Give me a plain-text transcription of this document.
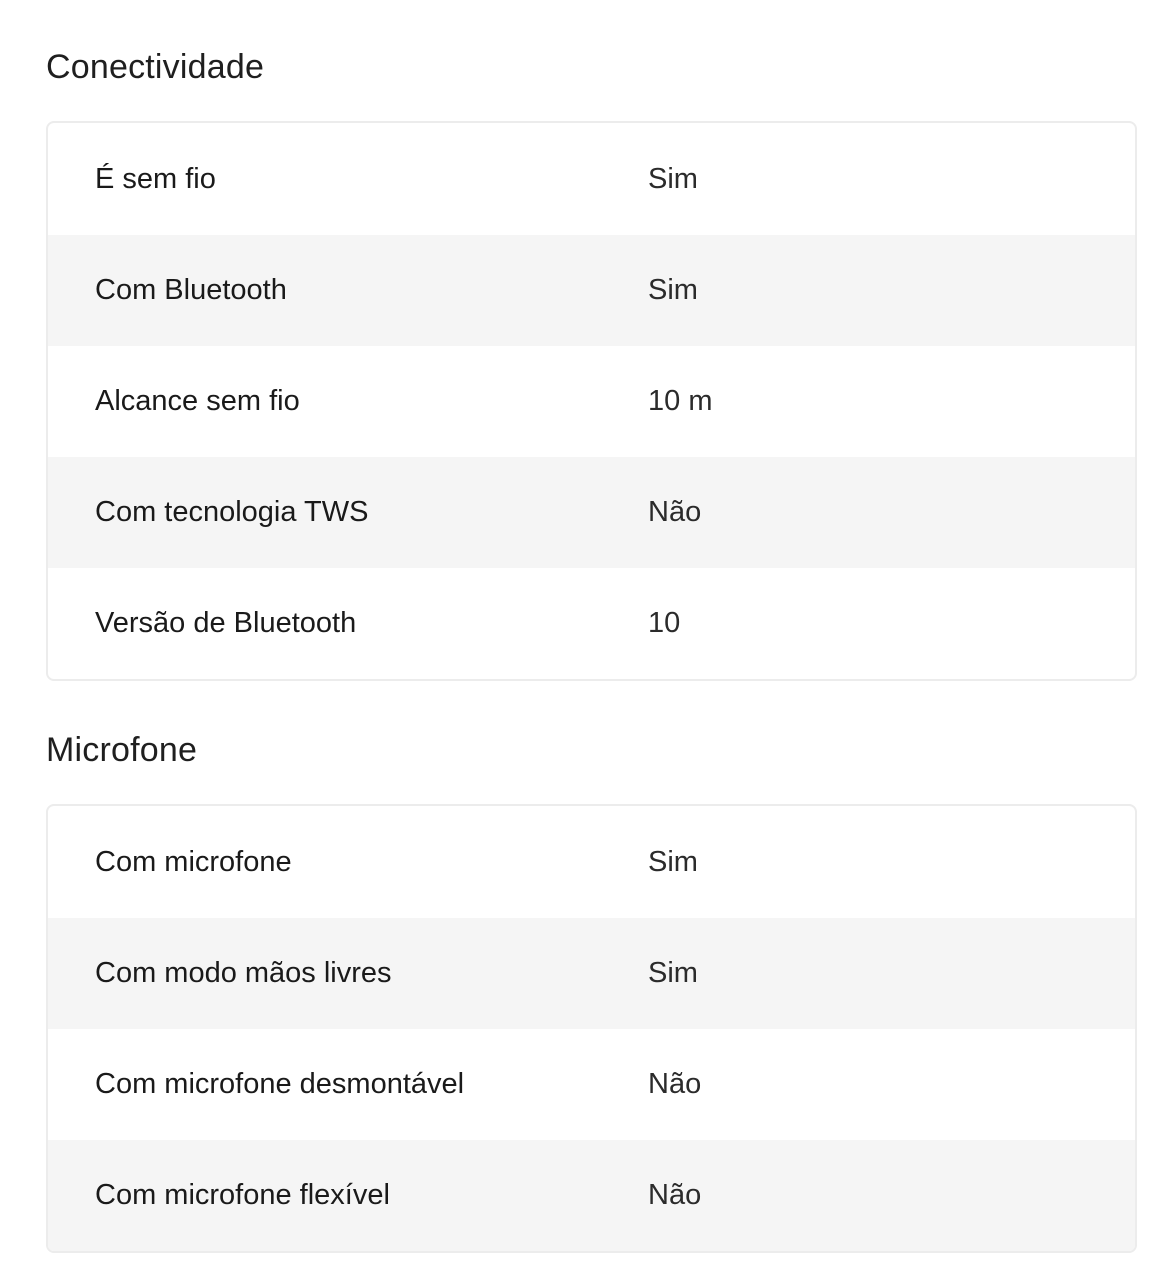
Conectividade
É sem fio	Sim
Com Bluetooth	Sim
Alcance sem fio	10 m
Com tecnologia TWS	Não
Versão de Bluetooth	10
Microfone
Com microfone	Sim
Com modo mãos livres	Sim
Com microfone desmontável	Não
Com microfone flexível	Não
